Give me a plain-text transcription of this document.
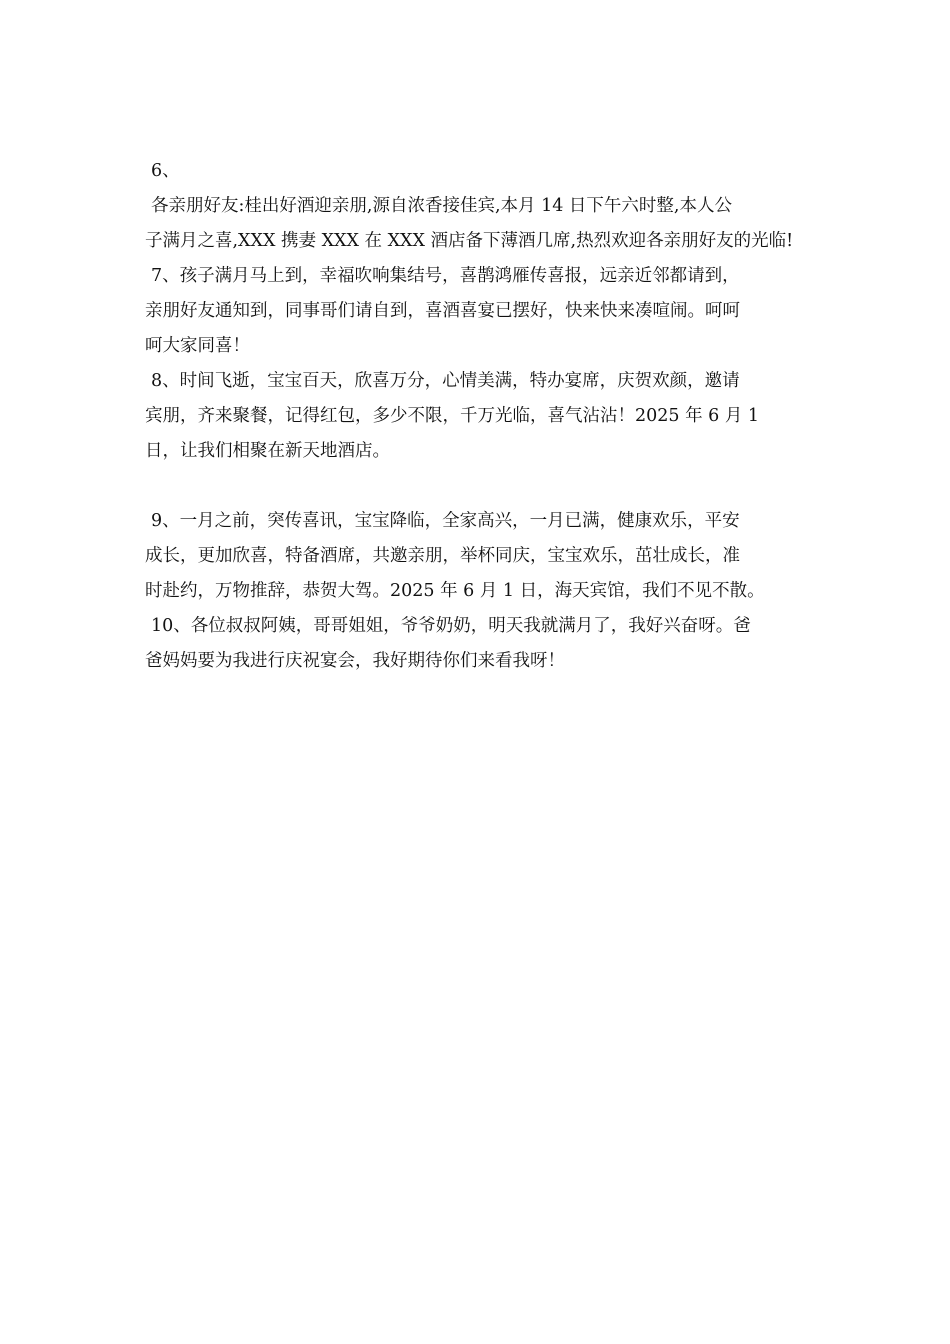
6、
各亲朋好友:桂出好酒迎亲朋,源自浓香接佳宾,本月 14 日下午六时整,本人公
子满月之喜,XXX 携妻 XXX 在 XXX 酒店备下薄酒几席,热烈欢迎各亲朋好友的光临!
7、孩子满月马上到，幸福吹响集结号，喜鹊鸿雁传喜报，远亲近邻都请到，
亲朋好友通知到，同事哥们请自到，喜酒喜宴已摆好，快来快来凑喧闹。呵呵
呵大家同喜！
8、时间飞逝，宝宝百天，欣喜万分，心情美满，特办宴席，庆贺欢颜，邀请
宾朋，齐来聚餐，记得红包，多少不限，千万光临，喜气沾沾！2025 年 6 月 1
日，让我们相聚在新天地酒店。
9、一月之前，突传喜讯，宝宝降临，全家高兴，一月已满，健康欢乐，平安
成长，更加欣喜，特备酒席，共邀亲朋，举杯同庆，宝宝欢乐，茁壮成长，准
时赴约，万物推辞，恭贺大驾。2025 年 6 月 1 日，海天宾馆，我们不见不散。
10、各位叔叔阿姨，哥哥姐姐，爷爷奶奶，明天我就满月了，我好兴奋呀。爸
爸妈妈要为我进行庆祝宴会，我好期待你们来看我呀！
